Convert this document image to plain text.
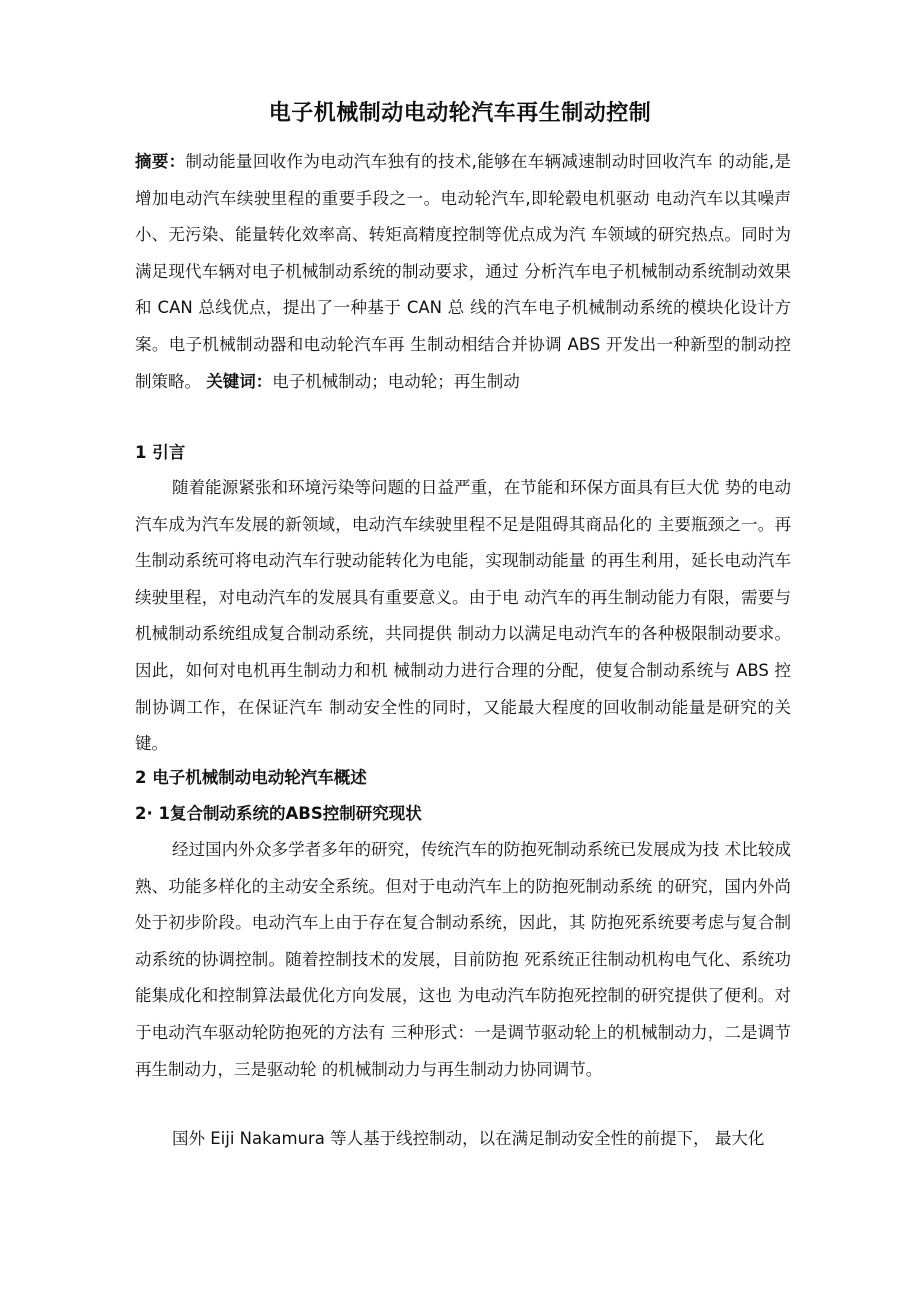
电子机械制动电动轮汽车再生制动控制
摘要：制动能量回收作为电动汽车独有的技术,能够在车辆减速制动时回收汽车 的动能,是增加电动汽车续驶里程的重要手段之一。电动轮汽车,即轮毂电机驱动 电动汽车以其噪声小、无污染、能量转化效率高、转矩高精度控制等优点成为汽 车领域的研究热点。同时为满足现代车辆对电子机械制动系统的制动要求，通过 分析汽车电子机械制动系统制动效果和 CAN 总线优点，提出了一种基于 CAN 总 线的汽车电子机械制动系统的模块化设计方案。电子机械制动器和电动轮汽车再 生制动相结合并协调 ABS 开发出一种新型的制动控制策略。 关键词：电子机械制动；电动轮；再生制动
1 引言
随着能源紧张和环境污染等问题的日益严重，在节能和环保方面具有巨大优 势的电动汽车成为汽车发展的新领域，电动汽车续驶里程不足是阻碍其商品化的 主要瓶颈之一。再生制动系统可将电动汽车行驶动能转化为电能，实现制动能量 的再生利用，延长电动汽车续驶里程，对电动汽车的发展具有重要意义。由于电 动汽车的再生制动能力有限，需要与机械制动系统组成复合制动系统，共同提供 制动力以满足电动汽车的各种极限制动要求。因此，如何对电机再生制动力和机 械制动力进行合理的分配，使复合制动系统与 ABS 控制协调工作，在保证汽车 制动安全性的同时，又能最大程度的回收制动能量是研究的关键。
2 电子机械制动电动轮汽车概述
2· 1复合制动系统的ABS控制研究现状
经过国内外众多学者多年的研究，传统汽车的防抱死制动系统已发展成为技 术比较成熟、功能多样化的主动安全系统。但对于电动汽车上的防抱死制动系统 的研究，国内外尚处于初步阶段。电动汽车上由于存在复合制动系统，因此，其 防抱死系统要考虑与复合制动系统的协调控制。随着控制技术的发展，目前防抱 死系统正往制动机构电气化、系统功能集成化和控制算法最优化方向发展，这也 为电动汽车防抱死控制的研究提供了便利。对于电动汽车驱动轮防抱死的方法有 三种形式：一是调节驱动轮上的机械制动力，二是调节再生制动力，三是驱动轮 的机械制动力与再生制动力协同调节。
国外 Eiji Nakamura 等人基于线控制动，以在满足制动安全性的前提下， 最大化
